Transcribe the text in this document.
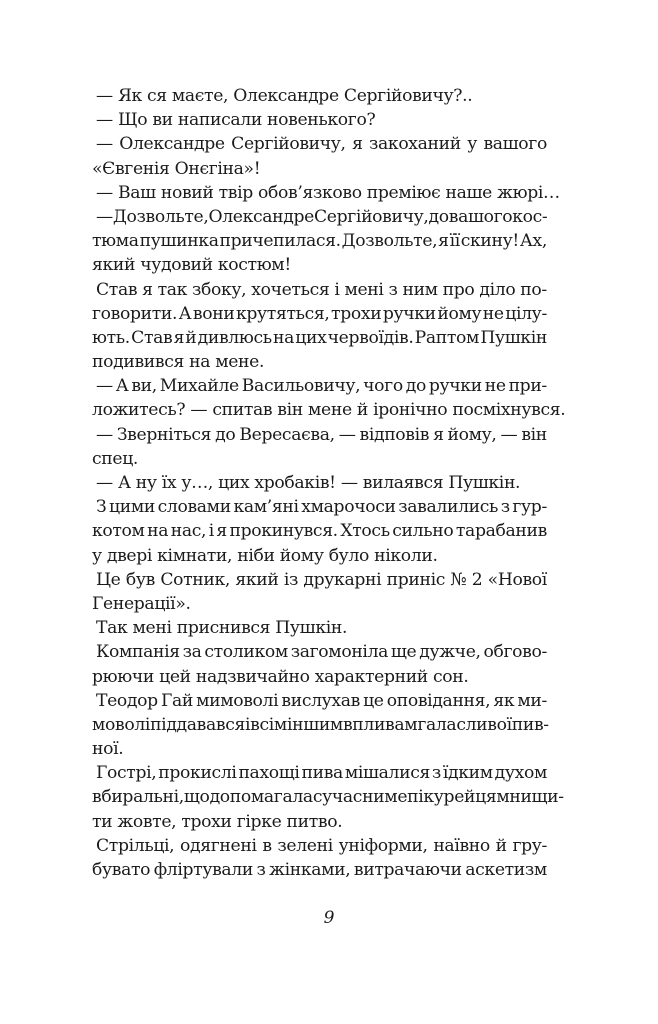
— Як ся маєте, Олександре Сергійовичу?..
— Що ви написали новенького?
— Олександре Сергійовичу, я закоханий у вашого
«Євгенія Онєгіна»!
— Ваш новий твір обов’язково преміює наше жюрі…
— Дозвольте, Олександре Сергійовичу, до вашого кос-
тюма пушинка причепилася. Дозвольте, я її скину! Ах,
який чудовий костюм!
Став я так збоку, хочеться і мені з ним про діло по-
говорити. А вони крутяться, трохи ручки йому не цілу-
ють. Став я й дивлюсь на цих червоїдів. Раптом Пушкін
подивився на мене.
— А ви, Михайле Васильовичу, чого до ручки не при-
ложитесь? — спитав він мене й іронічно посміхнувся.
— Зверніться до Вересаєва, — відповів я йому, — він
спец.
— А ну їх у…, цих хробаків! — вилаявся Пушкін.
З цими словами кам’яні хмарочоси завалились з гур-
котом на нас, і я прокинувся. Хтось сильно тарабанив
у двері кімнати, ніби йому було ніколи.
Це був Сотник, який із друкарні приніс № 2 «Нової
Генерації».
Так мені приснився Пушкін.
Компанія за столиком загомоніла ще дужче, обгово-
рюючи цей надзвичайно характерний сон.
Теодор Гай мимоволі вислухав це оповідання, як ми-
моволі піддавався і всім іншим впливам галасливої пив-
ної.
Гострі, прокислі пахощі пива мішалися з їдким духом
вбиральні, що допомагала сучасним епікурейцям нищи-
ти жовте, трохи гірке питво.
Стрільці, одягнені в зелені уніформи, наївно й гру-
бувато фліртували з жінками, витрачаючи аскетизм
9
